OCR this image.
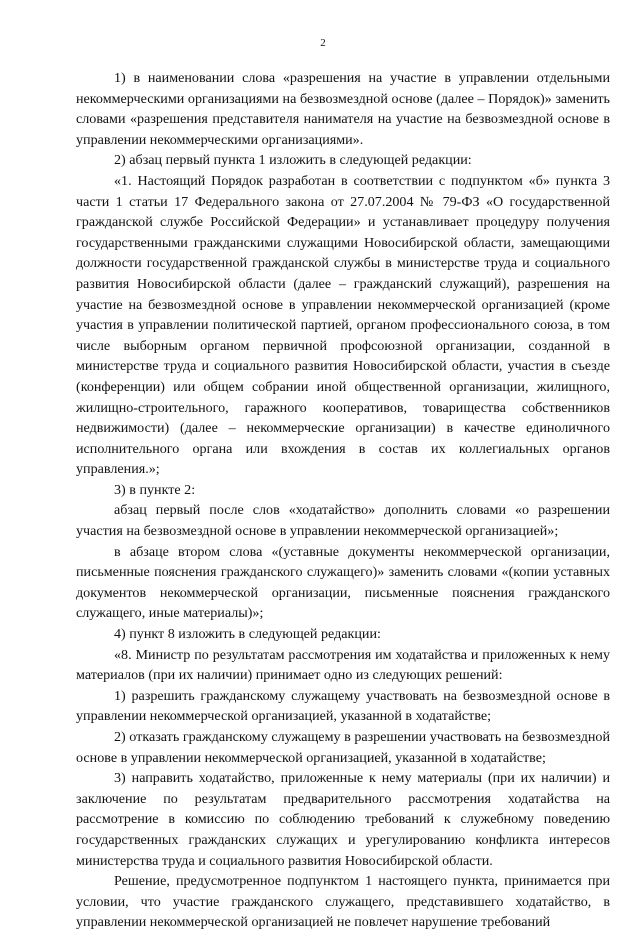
2

1) в наименовании слова «разрешения на участие в управлении отдельными некоммерческими организациями на безвозмездной основе (далее – Порядок)» заменить словами «разрешения представителя нанимателя на участие на безвозмездной основе в управлении некоммерческими организациями».

2) абзац первый пункта 1 изложить в следующей редакции:

«1. Настоящий Порядок разработан в соответствии с подпунктом «б» пункта 3 части 1 статьи 17 Федерального закона от 27.07.2004 № 79-ФЗ «О государственной гражданской службе Российской Федерации» и устанавливает процедуру получения государственными гражданскими служащими Новосибирской области, замещающими должности государственной гражданской службы в министерстве труда и социального развития Новосибирской области (далее – гражданский служащий), разрешения на участие на безвозмездной основе в управлении некоммерческой организацией (кроме участия в управлении политической партией, органом профессионального союза, в том числе выборным органом первичной профсоюзной организации, созданной в министерстве труда и социального развития Новосибирской области, участия в съезде (конференции) или общем собрании иной общественной организации, жилищного, жилищно-строительного, гаражного кооперативов, товарищества собственников недвижимости) (далее – некоммерческие организации) в качестве единоличного исполнительного органа или вхождения в состав их коллегиальных органов управления.»;

3) в пункте 2:

абзац первый после слов «ходатайство» дополнить словами «о разрешении участия на безвозмездной основе в управлении некоммерческой организацией»;

в абзаце втором слова «(уставные документы некоммерческой организации, письменные пояснения гражданского служащего)» заменить словами «(копии уставных документов некоммерческой организации, письменные пояснения гражданского служащего, иные материалы)»;

4) пункт 8 изложить в следующей редакции:

«8. Министр по результатам рассмотрения им ходатайства и приложенных к нему материалов (при их наличии) принимает одно из следующих решений:

1) разрешить гражданскому служащему участвовать на безвозмездной основе в управлении некоммерческой организацией, указанной в ходатайстве;

2) отказать гражданскому служащему в разрешении участвовать на безвозмездной основе в управлении некоммерческой организацией, указанной в ходатайстве;

3) направить ходатайство, приложенные к нему материалы (при их наличии) и заключение по результатам предварительного рассмотрения ходатайства на рассмотрение в комиссию по соблюдению требований к служебному поведению государственных гражданских служащих и урегулированию конфликта интересов министерства труда и социального развития Новосибирской области.

Решение, предусмотренное подпунктом 1 настоящего пункта, принимается при условии, что участие гражданского служащего, представившего ходатайство, в управлении некоммерческой организацией не повлечет нарушение требований
